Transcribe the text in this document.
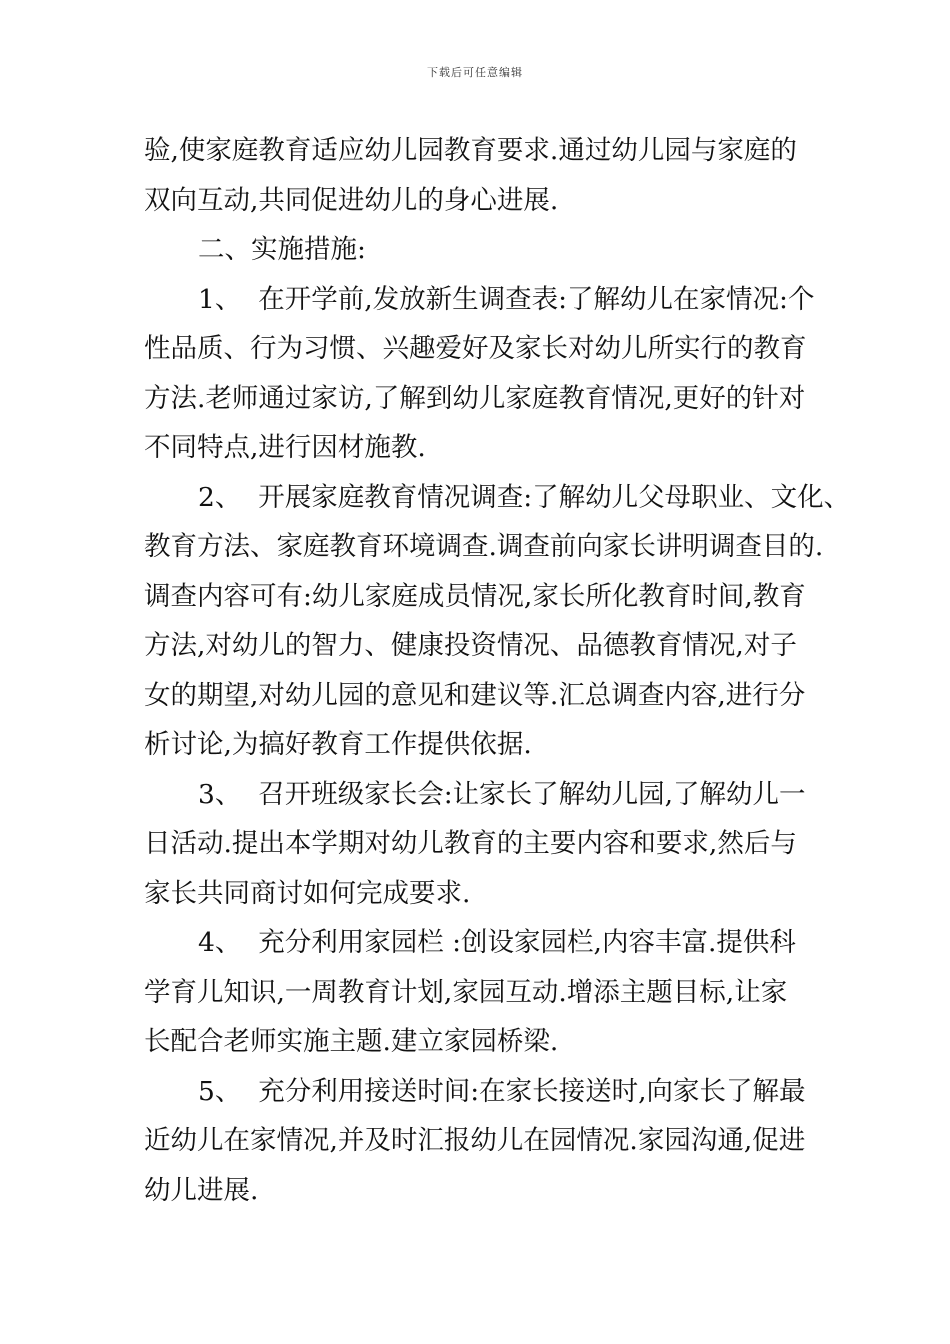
下载后可任意编辑
验,使家庭教育适应幼儿园教育要求.通过幼儿园与家庭的
双向互动,共同促进幼儿的身心进展.
二、实施措施:
1、  在开学前,发放新生调查表:了解幼儿在家情况:个
性品质、行为习惯、兴趣爱好及家长对幼儿所实行的教育
方法.老师通过家访,了解到幼儿家庭教育情况,更好的针对
不同特点,进行因材施教.
2、  开展家庭教育情况调查:了解幼儿父母职业、文化、
教育方法、家庭教育环境调查.调查前向家长讲明调查目的.
调查内容可有:幼儿家庭成员情况,家长所化教育时间,教育
方法,对幼儿的智力、健康投资情况、品德教育情况,对子
女的期望,对幼儿园的意见和建议等.汇总调查内容,进行分
析讨论,为搞好教育工作提供依据.
3、  召开班级家长会:让家长了解幼儿园,了解幼儿一
日活动.提出本学期对幼儿教育的主要内容和要求,然后与
家长共同商讨如何完成要求.
4、  充分利用家园栏 :创设家园栏,内容丰富.提供科
学育儿知识,一周教育计划,家园互动.增添主题目标,让家
长配合老师实施主题.建立家园桥梁.
5、  充分利用接送时间:在家长接送时,向家长了解最
近幼儿在家情况,并及时汇报幼儿在园情况.家园沟通,促进
幼儿进展.
